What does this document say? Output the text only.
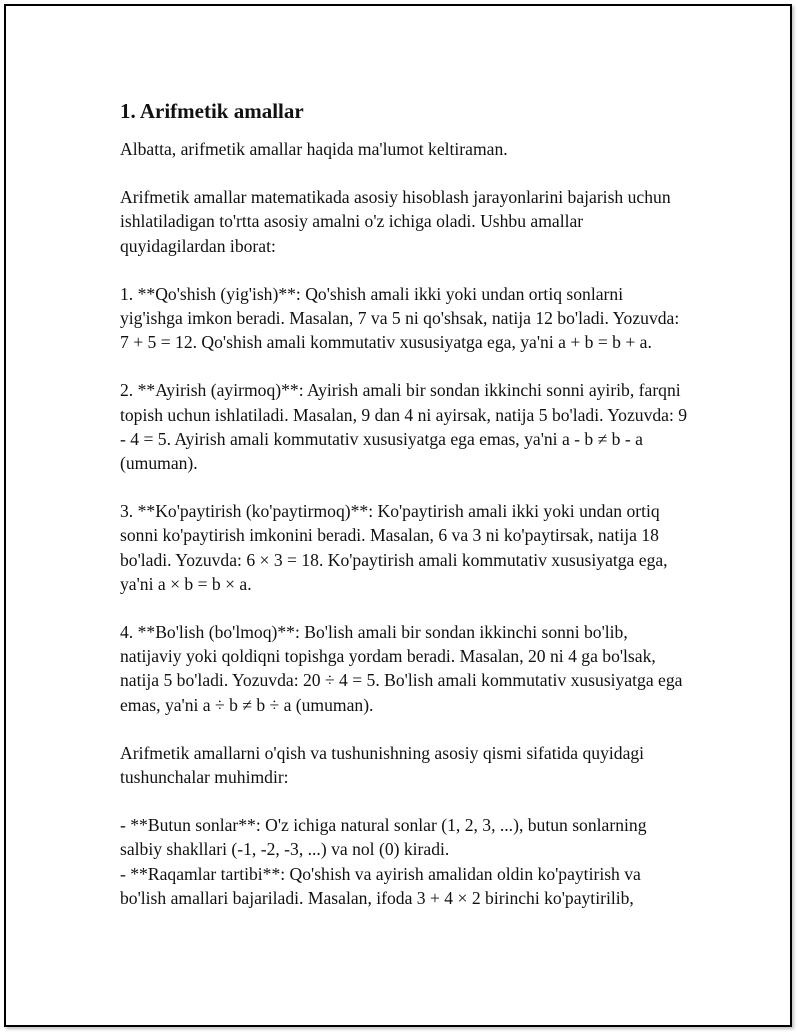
1. Arifmetik amallar

Albatta, arifmetik amallar haqida ma'lumot keltiraman.

Arifmetik amallar matematikada asosiy hisoblash jarayonlarini bajarish uchun ishlatiladigan to'rtta asosiy amalni o'z ichiga oladi. Ushbu amallar quyidagilardan iborat:

1. **Qo'shish (yig'ish)**: Qo'shish amali ikki yoki undan ortiq sonlarni yig'ishga imkon beradi. Masalan, 7 va 5 ni qo'shsak, natija 12 bo'ladi. Yozuvda: 7 + 5 = 12. Qo'shish amali kommutativ xususiyatga ega, ya'ni a + b = b + a.

2. **Ayirish (ayirmoq)**: Ayirish amali bir sondan ikkinchi sonni ayirib, farqni topish uchun ishlatiladi. Masalan, 9 dan 4 ni ayirsak, natija 5 bo'ladi. Yozuvda: 9 - 4 = 5. Ayirish amali kommutativ xususiyatga ega emas, ya'ni a - b ≠ b - a (umuman).

3. **Ko'paytirish (ko'paytirmoq)**: Ko'paytirish amali ikki yoki undan ortiq sonni ko'paytirish imkonini beradi. Masalan, 6 va 3 ni ko'paytirsak, natija 18 bo'ladi. Yozuvda: 6 × 3 = 18. Ko'paytirish amali kommutativ xususiyatga ega, ya'ni a × b = b × a.

4. **Bo'lish (bo'lmoq)**: Bo'lish amali bir sondan ikkinchi sonni bo'lib, natijaviy yoki qoldiqni topishga yordam beradi. Masalan, 20 ni 4 ga bo'lsak, natija 5 bo'ladi. Yozuvda: 20 ÷ 4 = 5. Bo'lish amali kommutativ xususiyatga ega emas, ya'ni a ÷ b ≠ b ÷ a (umuman).

Arifmetik amallarni o'qish va tushunishning asosiy qismi sifatida quyidagi tushunchalar muhimdir:

- **Butun sonlar**: O'z ichiga natural sonlar (1, 2, 3, ...), butun sonlarning salbiy shakllari (-1, -2, -3, ...) va nol (0) kiradi.

- **Raqamlar tartibi**: Qo'shish va ayirish amalidan oldin ko'paytirish va bo'lish amallari bajariladi. Masalan, ifoda 3 + 4 × 2 birinchi ko'paytirilib,
